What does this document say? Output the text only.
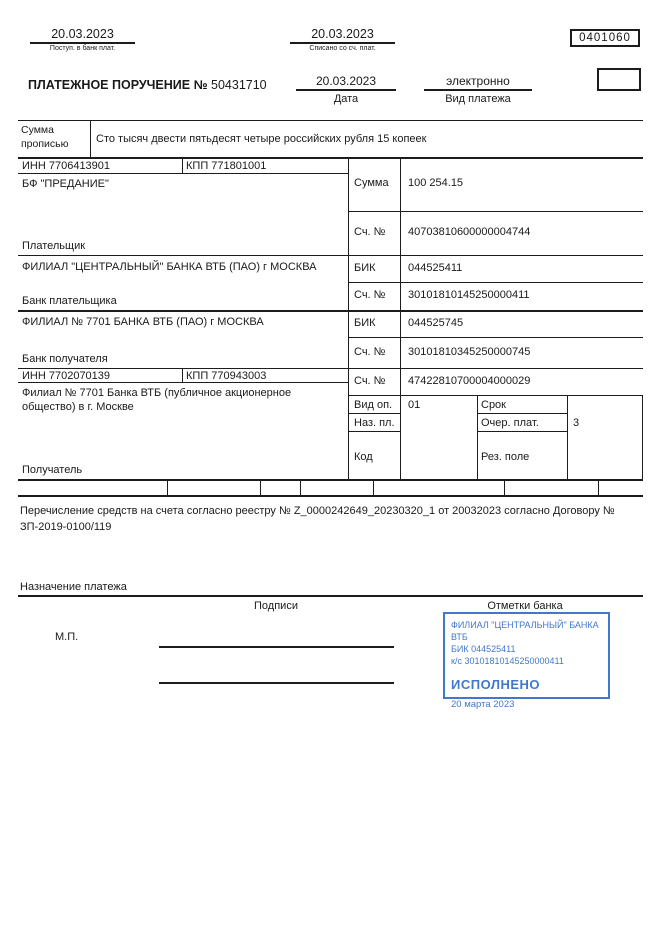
20.03.2023
Поступ. в банк плат.
20.03.2023
Списано со сч. плат.
0401060
ПЛАТЕЖНОЕ ПОРУЧЕНИЕ № 50431710	20.03.2023
Дата
электронно
Вид платежа
Сумма прописью	Сто тысяч двести пятьдесят четыре российских рубля 15 копеек
ИНН 7706413901	КПП 771801001
БФ "ПРЕДАНИЕ"
Плательщик
Сумма 100 254.15
Сч. № 40703810600000004744
ФИЛИАЛ "ЦЕНТРАЛЬНЫЙ" БАНКА ВТБ (ПАО) г МОСКВА
Банк плательщика
БИК	044525411
Сч. № 30101810145250000411
ФИЛИАЛ № 7701 БАНКА ВТБ (ПАО) г МОСКВА
Банк получателя
БИК	044525745
Сч. № 30101810345250000745
ИНН 7702070139	КПП 770943003
Филиал № 7701 Банка ВТБ (публичное акционерное общество) в г. Москве
Получатель
Сч. № 47422810700004000029
Вид оп. 01	Срок
Наз. пл.	Очер. плат.	3
Код	Рез. поле
Перечисление средств на счета согласно реестру № Z_0000242649_20230320_1 от 20032023 согласно Договору № ЗП-2019-0100/119
Назначение платежа
Подписи	Отметки банка
М.П.
ФИЛИАЛ "ЦЕНТРАЛЬНЫЙ" БАНКА ВТБ
БИК 044525411
к/с 30101810145250000411
ИСПОЛНЕНО
20 марта 2023
